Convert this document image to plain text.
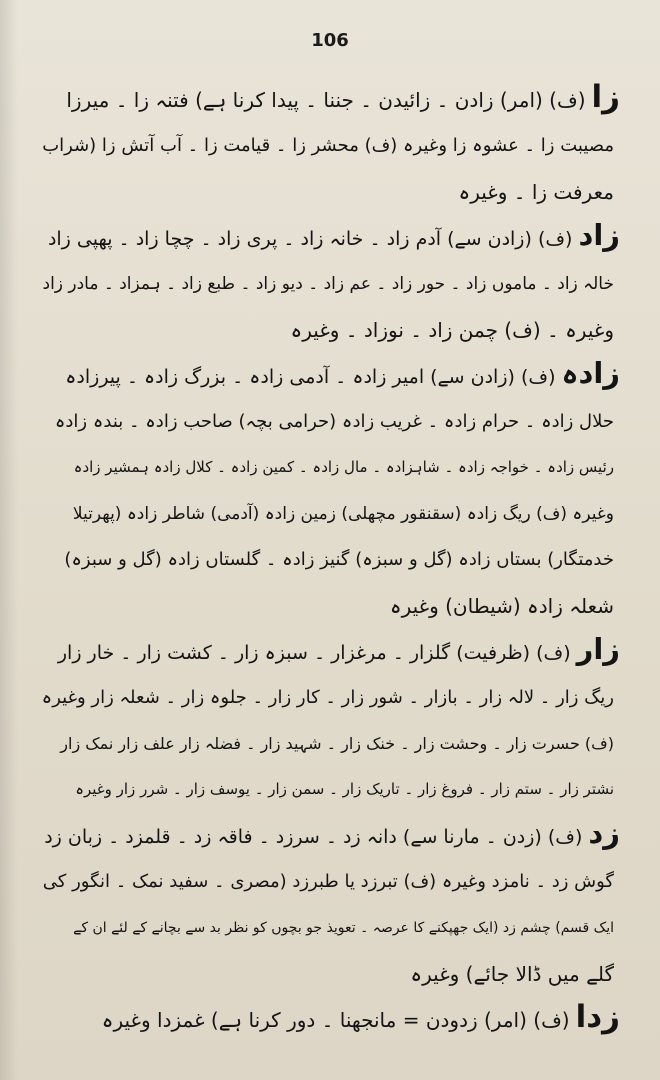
106
زا(ف) (امر) زادن ۔ زائیدن ۔ جننا ۔ پیدا کرنا ہے) فتنہ زا ۔ میرزا
مصیبت زا ۔ عشوہ زا وغیرہ (ف) محشر زا ۔ قیامت زا ۔ آب آتش زا (شراب
معرفت زا ۔ وغیرہ
زاد(ف) (زادن سے) آدم زاد ۔ خانہ زاد ۔ پری زاد ۔ چچا زاد ۔ پھپی زاد
خالہ زاد ۔ ماموں زاد ۔ حور زاد ۔ عم زاد ۔ دیو زاد ۔ طبع زاد ۔ ہمزاد ۔ مادر زاد
وغیرہ ۔ (ف) چمن زاد ۔ نوزاد ۔ وغیرہ
زادہ(ف) (زادن سے) امیر زادہ ۔ آدمی زادہ ۔ بزرگ زادہ ۔ پیرزادہ
حلال زادہ ۔ حرام زادہ ۔ غریب زادہ (حرامی بچہ) صاحب زادہ ۔ بندہ زادہ
رئیس زادہ ۔ خواجہ زادہ ۔ شاہزادہ ۔ مال زادہ ۔ کمین زادہ ۔ کلال زادہ ہمشیر زادہ
وغیرہ (ف) ریگ زادہ (سقنقور مچھلی) زمین زادہ (آدمی) شاطر زادہ (پھرتیلا
خدمتگار) بستاں زادہ (گل و سبزہ) گنیز زادہ ۔ گلستاں زادہ (گل و سبزہ)
شعلہ زادہ (شیطان) وغیرہ
زار(ف) (ظرفیت) گلزار ۔ مرغزار ۔ سبزہ زار ۔ کشت زار ۔ خار زار
ریگ زار ۔ لالہ زار ۔ بازار ۔ شور زار ۔ کار زار ۔ جلوہ زار ۔ شعلہ زار وغیرہ
(ف) حسرت زار ۔ وحشت زار ۔ خنک زار ۔ شہید زار ۔ فضلہ زار علف زار نمک زار
نشتر زار ۔ ستم زار ۔ فروغ زار ۔ تاریک زار ۔ سمن زار ۔ یوسف زار ۔ شرر زار وغیرہ
زد(ف) (زدن ۔ مارنا سے) دانہ زد ۔ سرزد ۔ فاقہ زد ۔ قلمزد ۔ زبان زد
گوش زد ۔ نامزد وغیرہ (ف) تبرزد یا طبرزد (مصری ۔ سفید نمک ۔ انگور کی
ایک قسم) چشم زد (ایک جھپکنے کا عرصہ ۔ تعویذ جو بچوں کو نظر بد سے بچانے کے لئے ان کے
گلے میں ڈالا جائے) وغیرہ
زدا(ف) (امر) زدودن = مانجھنا ۔ دور کرنا ہے) غمزدا وغیرہ
